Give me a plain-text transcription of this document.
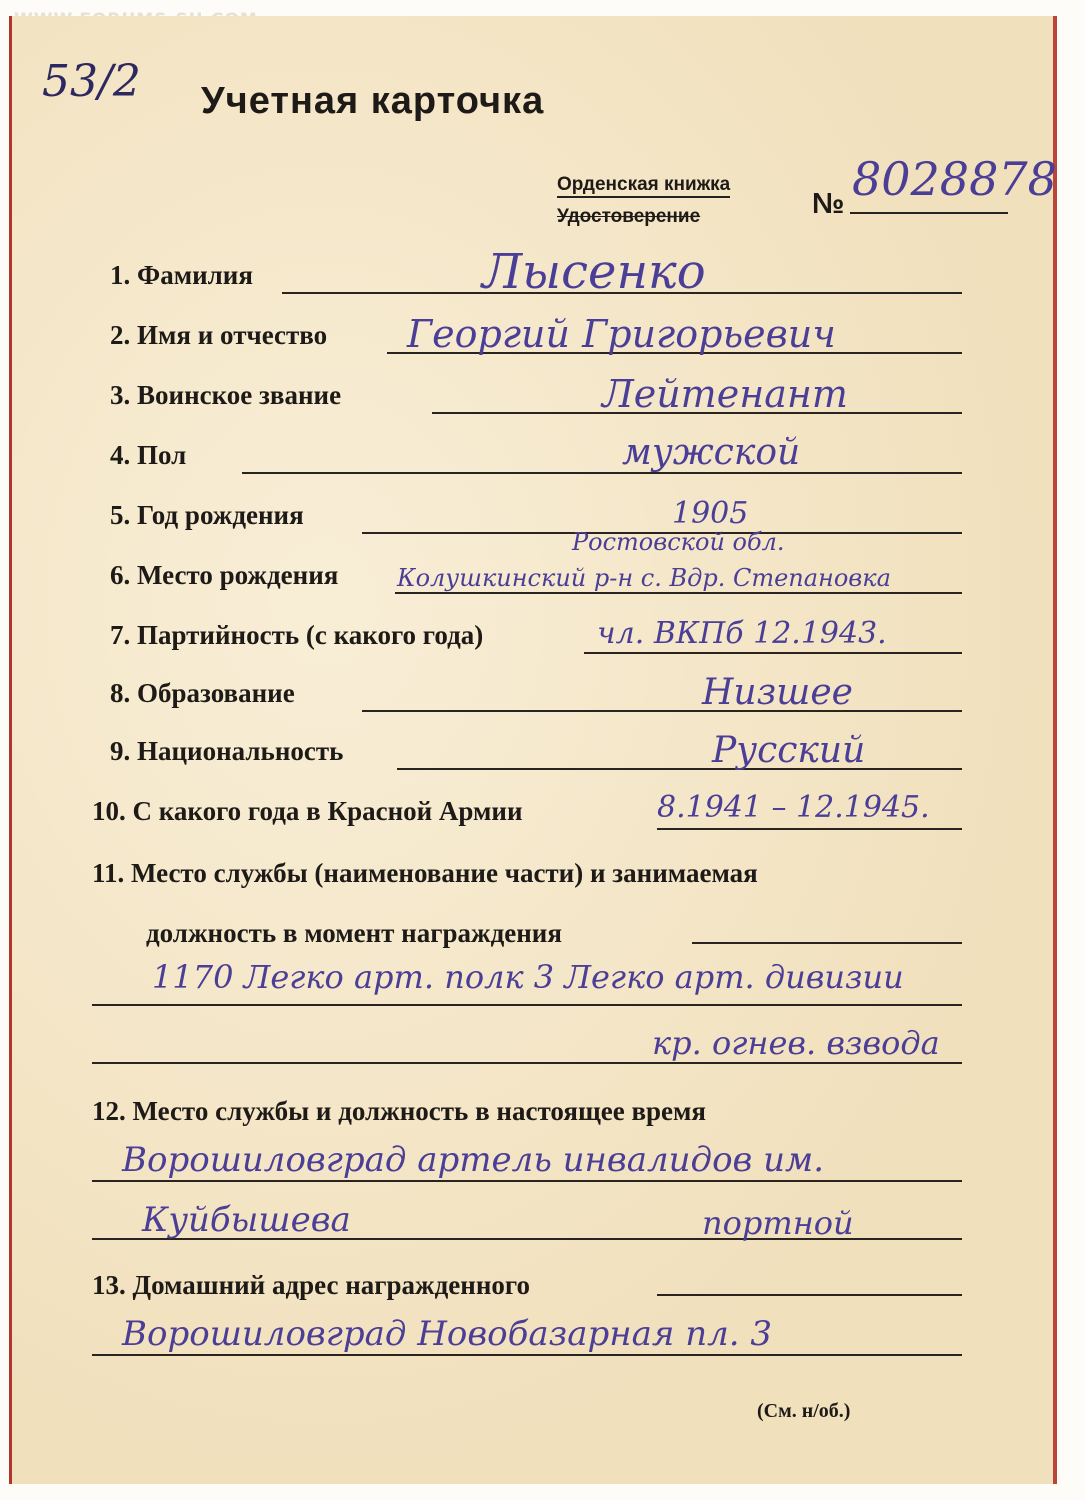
53/2 Учетная карточка
Орденская книжка
Удостоверение	№ 8028878
1. Фамилия	Лысенко
2. Имя и отчество Георгий Григорьевич
3. Воинское звание	Лейтенант
4. Пол	мужской
5. Год рождения	1905
Ростовской обл.
6. Место рождения Колушкинский р-н с. Вдр. Степановка
7. Партийность (с какого года)	чл. ВКПб 12.1943.
8. Образование	Низшее
9. Национальность	Русский
10. С какого года в Красной Армии	8.1941 – 12.1945.
11. Место службы (наименование части) и занимаемая
должность в момент награждения
1170 Легко арт. полк 3 Легко арт. дивизии
кр. огнев. взвода
12. Место службы и должность в настоящее время
Ворошиловград артель инвалидов им.
Куйбышева	портной
13. Домашний адрес награжденного
Ворошиловград Новобазарная пл. 3
(См. н/об.)
